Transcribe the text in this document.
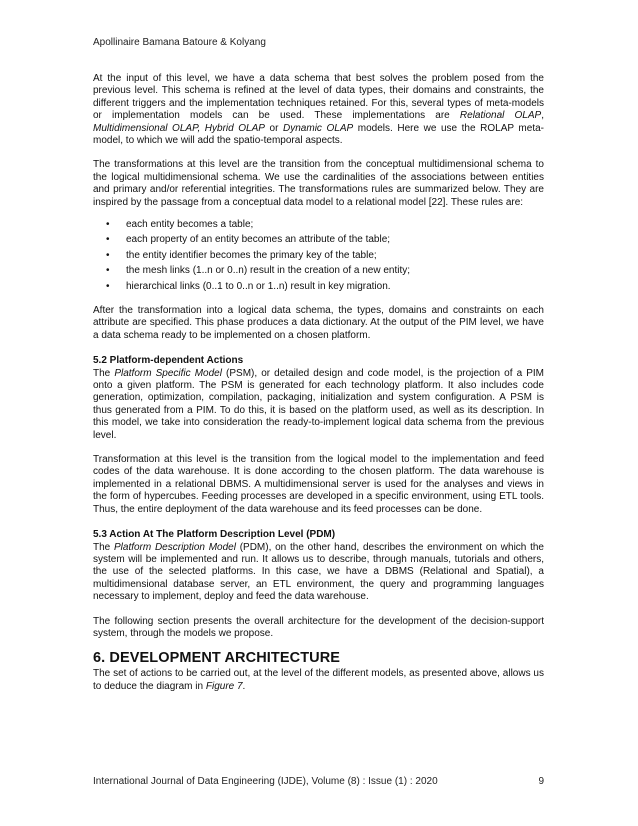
Apollinaire Bamana Batoure & Kolyang

At the input of this level, we have a data schema that best solves the problem posed from the previous level. This schema is refined at the level of data types, their domains and constraints, the different triggers and the implementation techniques retained. For this, several types of meta-models or implementation models can be used. These implementations are Relational OLAP, Multidimensional OLAP, Hybrid OLAP or Dynamic OLAP models. Here we use the ROLAP meta-model, to which we will add the spatio-temporal aspects.

The transformations at this level are the transition from the conceptual multidimensional schema to the logical multidimensional schema. We use the cardinalities of the associations between entities and primary and/or referential integrities. The transformations rules are summarized below. They are inspired by the passage from a conceptual data model to a relational model [22]. These rules are:

• each entity becomes a table;
• each property of an entity becomes an attribute of the table;
• the entity identifier becomes the primary key of the table;
• the mesh links (1..n or 0..n) result in the creation of a new entity;
• hierarchical links (0..1 to 0..n or 1..n) result in key migration.

After the transformation into a logical data schema, the types, domains and constraints on each attribute are specified. This phase produces a data dictionary. At the output of the PIM level, we have a data schema ready to be implemented on a chosen platform.

5.2 Platform-dependent Actions

The Platform Specific Model (PSM), or detailed design and code model, is the projection of a PIM onto a given platform. The PSM is generated for each technology platform. It also includes code generation, optimization, compilation, packaging, initialization and system configuration. A PSM is thus generated from a PIM. To do this, it is based on the platform used, as well as its description. In this model, we take into consideration the ready-to-implement logical data schema from the previous level.

Transformation at this level is the transition from the logical model to the implementation and feed codes of the data warehouse. It is done according to the chosen platform. The data warehouse is implemented in a relational DBMS. A multidimensional server is used for the analyses and views in the form of hypercubes. Feeding processes are developed in a specific environment, using ETL tools. Thus, the entire deployment of the data warehouse and its feed processes can be done.

5.3 Action At The Platform Description Level (PDM)

The Platform Description Model (PDM), on the other hand, describes the environment on which the system will be implemented and run. It allows us to describe, through manuals, tutorials and others, the use of the selected platforms. In this case, we have a DBMS (Relational and Spatial), a multidimensional database server, an ETL environment, the query and programming languages necessary to implement, deploy and feed the data warehouse.

The following section presents the overall architecture for the development of the decision-support system, through the models we propose.

6. DEVELOPMENT ARCHITECTURE

The set of actions to be carried out, at the level of the different models, as presented above, allows us to deduce the diagram in Figure 7.

International Journal of Data Engineering (IJDE), Volume (8) : Issue (1) : 2020	9
